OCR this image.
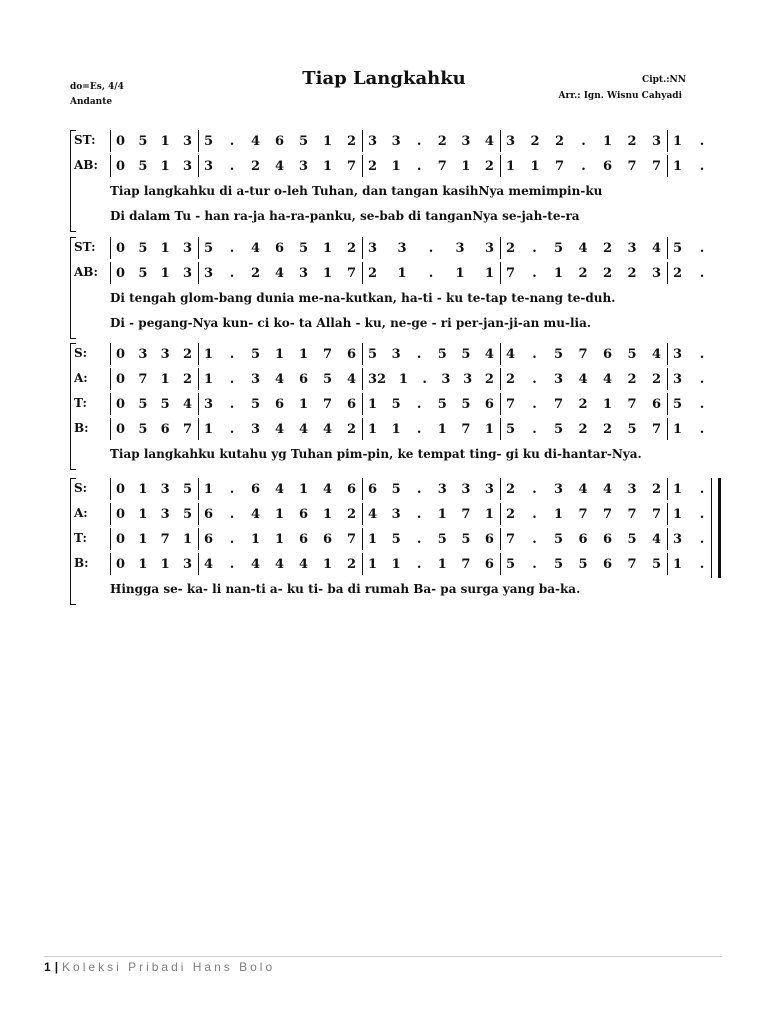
Tiap Langkahku
do=Es, 4/4
Andante
Cipt.:NN
Arr.: Ign. Wisnu Cahyadi
ST:	0 5 1 3 5 . 4 6 5 1 2 3 3 . 2 3 4 3 2 2 . 1 2 3 1 .
AB:	0 5 1 3 3 . 2 4 3 1 7 2 1 . 7 1 2 1 1 7 . 6 7 7 1 .
Tiap langkahku di a-tur o-leh Tuhan, dan tangan kasihNya memimpin-ku
Di dalam Tu - han ra-ja ha-ra-panku, se-bab di tanganNya se-jah-te-ra
ST:	0 5 1 3 5 . 4 6 5 1 2 3 3 . 3 3 2 . 5 4 2 3 4 5 .
AB:	0 5 1 3 3 . 2 4 3 1 7 2 1 . 1 1 7 . 1 2 2 2 3 2 .
Di tengah glom-bang dunia me-na-kutkan, ha-ti - ku te-tap te-nang te-duh.
Di - pegang-Nya kun- ci ko- ta Allah - ku, ne-ge - ri per-jan-ji-an mu-lia.
S:	0 3 3 2 1 . 5 1 1 7 6 5 3 . 5 5 4 4 . 5 7 6 5 4 3 .
A:	0 7 1 2 1 . 3 4 6 5 4 32 1 . 3 3 2 2 . 3 4 4 2 2 3 .
T:	0 5 5 4 3 . 5 6 1 7 6 1 5 . 5 5 6 7 . 7 2 1 7 6 5 .
B:	0 5 6 7 1 . 3 4 4 4 2 1 1 . 1 7 1 5 . 5 2 2 5 7 1 .
Tiap langkahku kutahu yg Tuhan pim-pin, ke tempat ting- gi ku di-hantar-Nya.
S:	0 1 3 5 1 . 6 4 1 4 6 6 5 . 3 3 3 2 . 3 4 4 3 2 1 .
A:	0 1 3 5 6 . 4 1 6 1 2 4 3 . 1 7 1 2 . 1 7 7 7 7 1 .
T:	0 1 7 1 6 . 1 1 6 6 7 1 5 . 5 5 6 7 . 5 6 6 5 4 3 .
B:	0 1 1 3 4 . 4 4 4 1 2 1 1 . 1 7 6 5 . 5 5 6 7 5 1 .
Hingga se- ka- li nan-ti a- ku ti- ba di rumah Ba- pa surga yang ba-ka.
1 | Koleksi Pribadi Hans Bolo
